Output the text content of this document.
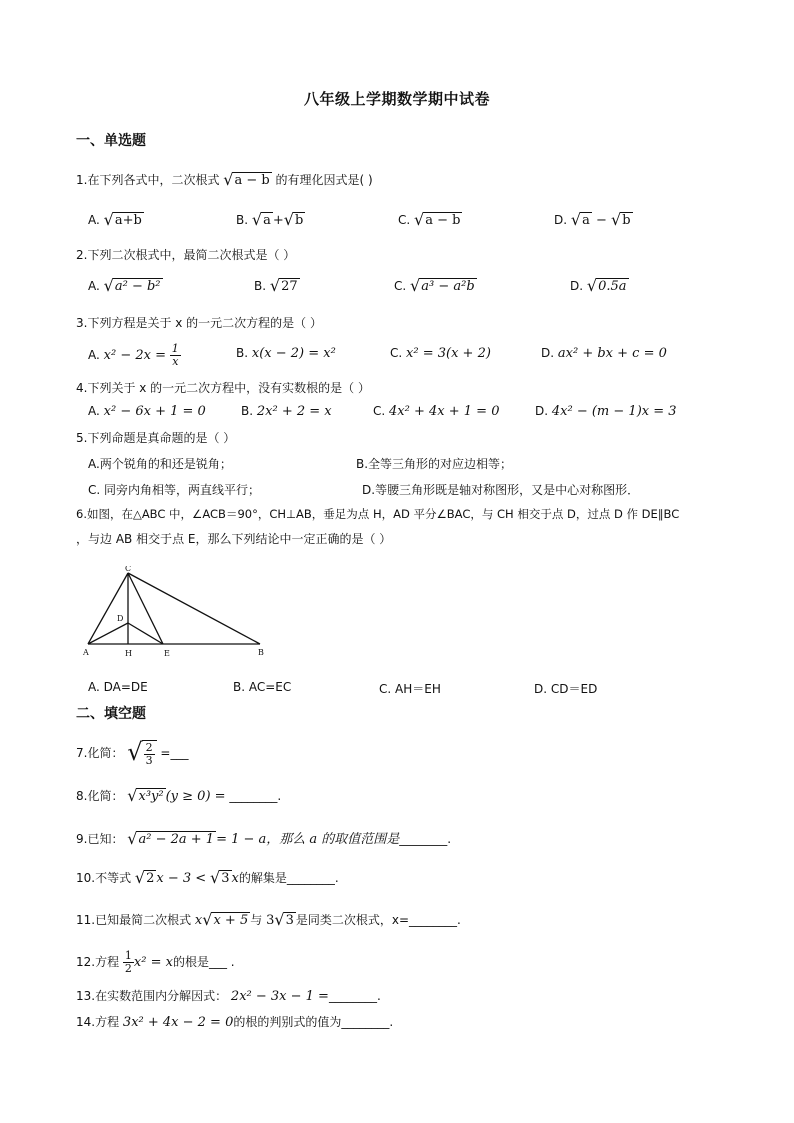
八年级上学期数学期中试卷
一、单选题
1.在下列各式中，二次根式 √ a − b 的有理化因式是( )
A. √ a+b	B. √ a + √ b	C. √ a − b	D. √ a − √ b
2.下列二次根式中，最简二次根式是（ ）
A. √ a² − b²	B. √ 27	C. √ a³ − a²b	D. √ 0.5a
3.下列方程是关于 x 的一元二次方程的是（ ）
A. $x^2 - 2x = \frac{1}{x}$	B. x(x − 2) = x²	C. x² = 3(x + 2)	D. ax² + bx + c = 0
4.下列关于 x 的一元二次方程中，没有实数根的是（ ）
A. x² − 6x + 1 = 0	B. 2x² + 2 = x	C. 4x² + 4x + 1 = 0	D. 4x² − (m − 1)x = 3
5.下列命题是真命题的是（ ）
A.两个锐角的和还是锐角；	B.全等三角形的对应边相等；
C. 同旁内角相等，两直线平行；	D.等腰三角形既是轴对称图形，又是中心对称图形．
6.如图，在△ABC 中，∠ACB＝90°，CH⊥AB，垂足为点 H，AD 平分∠BAC，与 CH 相交于点 D，过点 D 作 DE∥BC
，与边 AB 相交于点 E，那么下列结论中一定正确的是（ ）
C
D
A	H	E	B
A. DA=DE	B. AC=EC	C. AH＝EH	D. CD＝ED
二、填空题
7.化简： √ $\frac{2}{3}$ =___
8.化简： √ x³y² (y ≥ 0) = ________.
9.已知： √ a² − 2a + 1 = 1 − a，那么 a 的取值范围是________.
10.不等式 √ 2 x − 3 < √ 3 x的解集是________.
11.已知最简二次根式 x √ x + 5 与 3 √ 3 是同类二次根式，x=________.
12.方程 $\frac{1}{2} x^2 = x$的根是___ .
13.在实数范围内分解因式： 2x² − 3x − 1 =________.
14.方程 3x² + 4x − 2 = 0的根的判别式的值为________.
